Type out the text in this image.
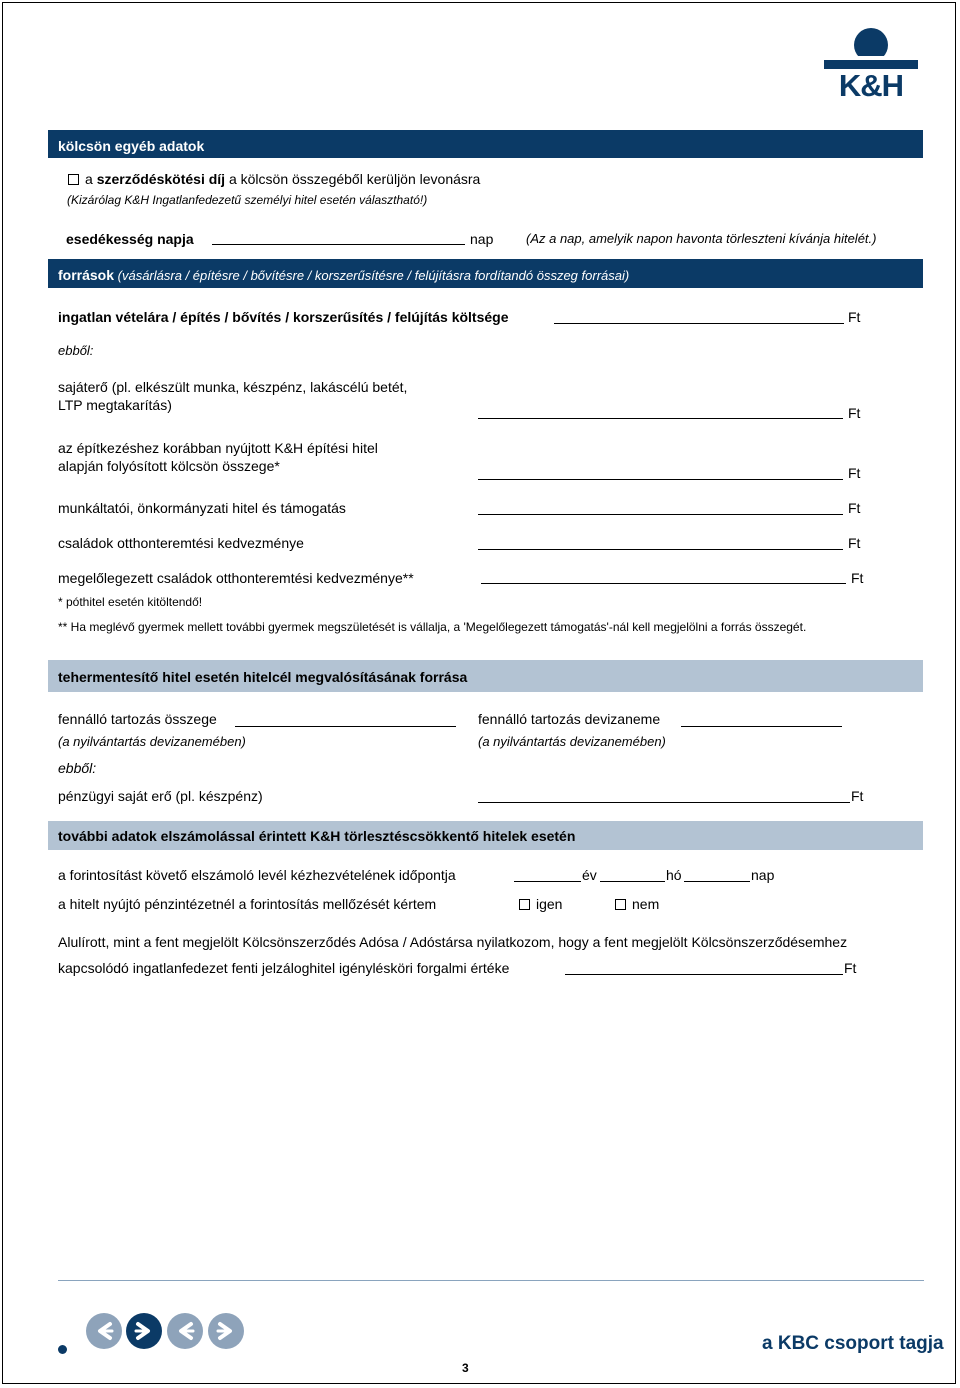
K&H
kölcsön egyéb adatok
a szerződéskötési díj a kölcsön összegéből kerüljön levonásra
(Kizárólag K&H Ingatlanfedezetű személyi hitel esetén választható!)
esedékesség napja	nap	(Az a nap, amelyik napon havonta törleszteni kívánja hitelét.)
források (vásárlásra / építésre / bővítésre / korszerűsítésre / felújításra fordítandó összeg forrásai)
ingatlan vételára / építés / bővítés / korszerűsítés / felújítás költsége	Ft
ebből:
sajáterő (pl. elkészült munka, készpénz, lakáscélú betét,
LTP megtakarítás)	Ft
az építkezéshez korábban nyújtott K&H építési hitel
alapján folyósított kölcsön összege*	Ft
munkáltatói, önkormányzati hitel és támogatás	Ft
családok otthonteremtési kedvezménye	Ft
megelőlegezett családok otthonteremtési kedvezménye**	Ft
* póthitel esetén kitöltendő!
** Ha meglévő gyermek mellett további gyermek megszületését is vállalja, a 'Megelőlegezett támogatás'-nál kell megjelölni a forrás összegét.
tehermentesítő hitel esetén hitelcél megvalósításának forrása
fennálló tartozás összege
(a nyilvántartás devizanemében)
fennálló tartozás devizaneme
(a nyilvántartás devizanemében)
ebből:
pénzügyi saját erő (pl. készpénz)	Ft
további adatok elszámolással érintett K&H törlesztéscsökkentő hitelek esetén
a forintosítást követő elszámoló levél kézhezvételének időpontja	év	hó	nap
a hitelt nyújtó pénzintézetnél a forintosítás mellőzését kértem	igen	nem
Alulírott, mint a fent megjelölt Kölcsönszerződés Adósa / Adóstársa nyilatkozom, hogy a fent megjelölt Kölcsönszerződésemhez
kapcsolódó ingatlanfedezet fenti jelzáloghitel igénylésköri forgalmi értéke	Ft
3
a KBC csoport tagja
